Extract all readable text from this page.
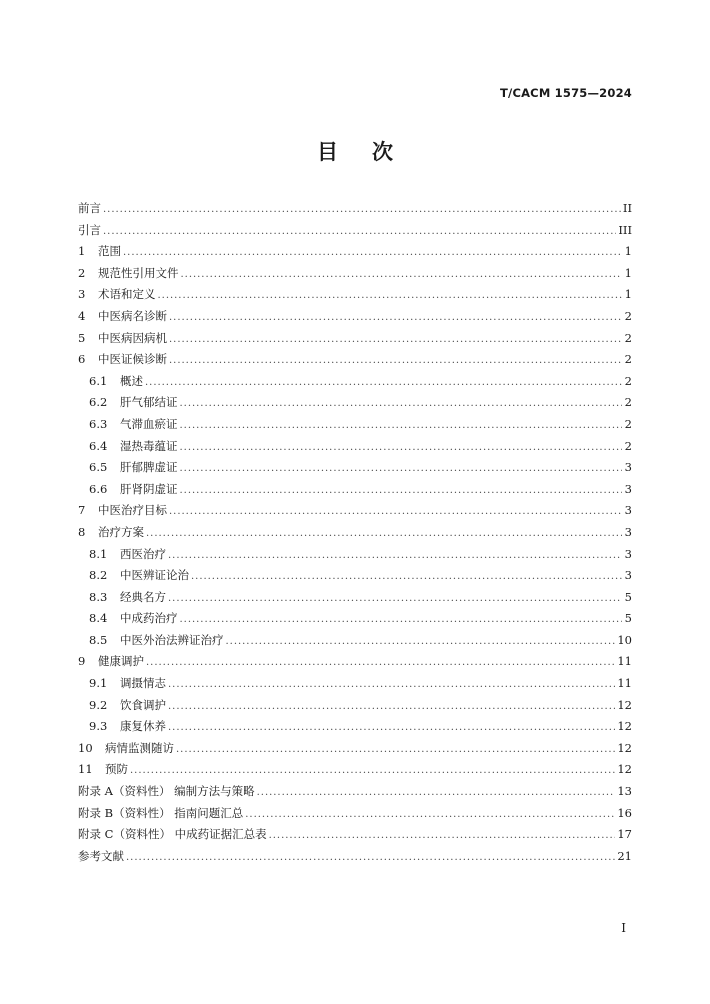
T/CACM 1575—2024
目 次
前言 . . .	II
引言 . . .	III
1	范围 . . .	1
2	规范性引用文件 . . .	1
3	术语和定义 . . .	1
4	中医病名诊断 . . .	2
5	中医病因病机 . . .	2
6	中医证候诊断 . . .	2
6.1	概述 . . .	2
6.2	肝气郁结证 . . .	2
6.3	气滞血瘀证 . . .	2
6.4	湿热毒蕴证 . . .	2
6.5	肝郁脾虚证 . . .	3
6.6	肝肾阴虚证 . . .	3
7	中医治疗目标 . . .	3
8	治疗方案 . . .	3
8.1	西医治疗 . . .	3
8.2	中医辨证论治 . . .	3
8.3	经典名方 . . .	5
8.4	中成药治疗 . . .	5
8.5	中医外治法辨证治疗 . . .	10
9	健康调护 . . .	11
9.1	调摄情志 . . .	11
9.2	饮食调护 . . .	12
9.3	康复休养 . . .	12
10	病情监测随访 . . .	12
11	预防 . . .	12
附录 A（资料性） 编制方法与策略 . . .	13
附录 B（资料性） 指南问题汇总 . . .	16
附录 C（资料性） 中成药证据汇总表 . . .	17
参考文献 . . .	21
I
